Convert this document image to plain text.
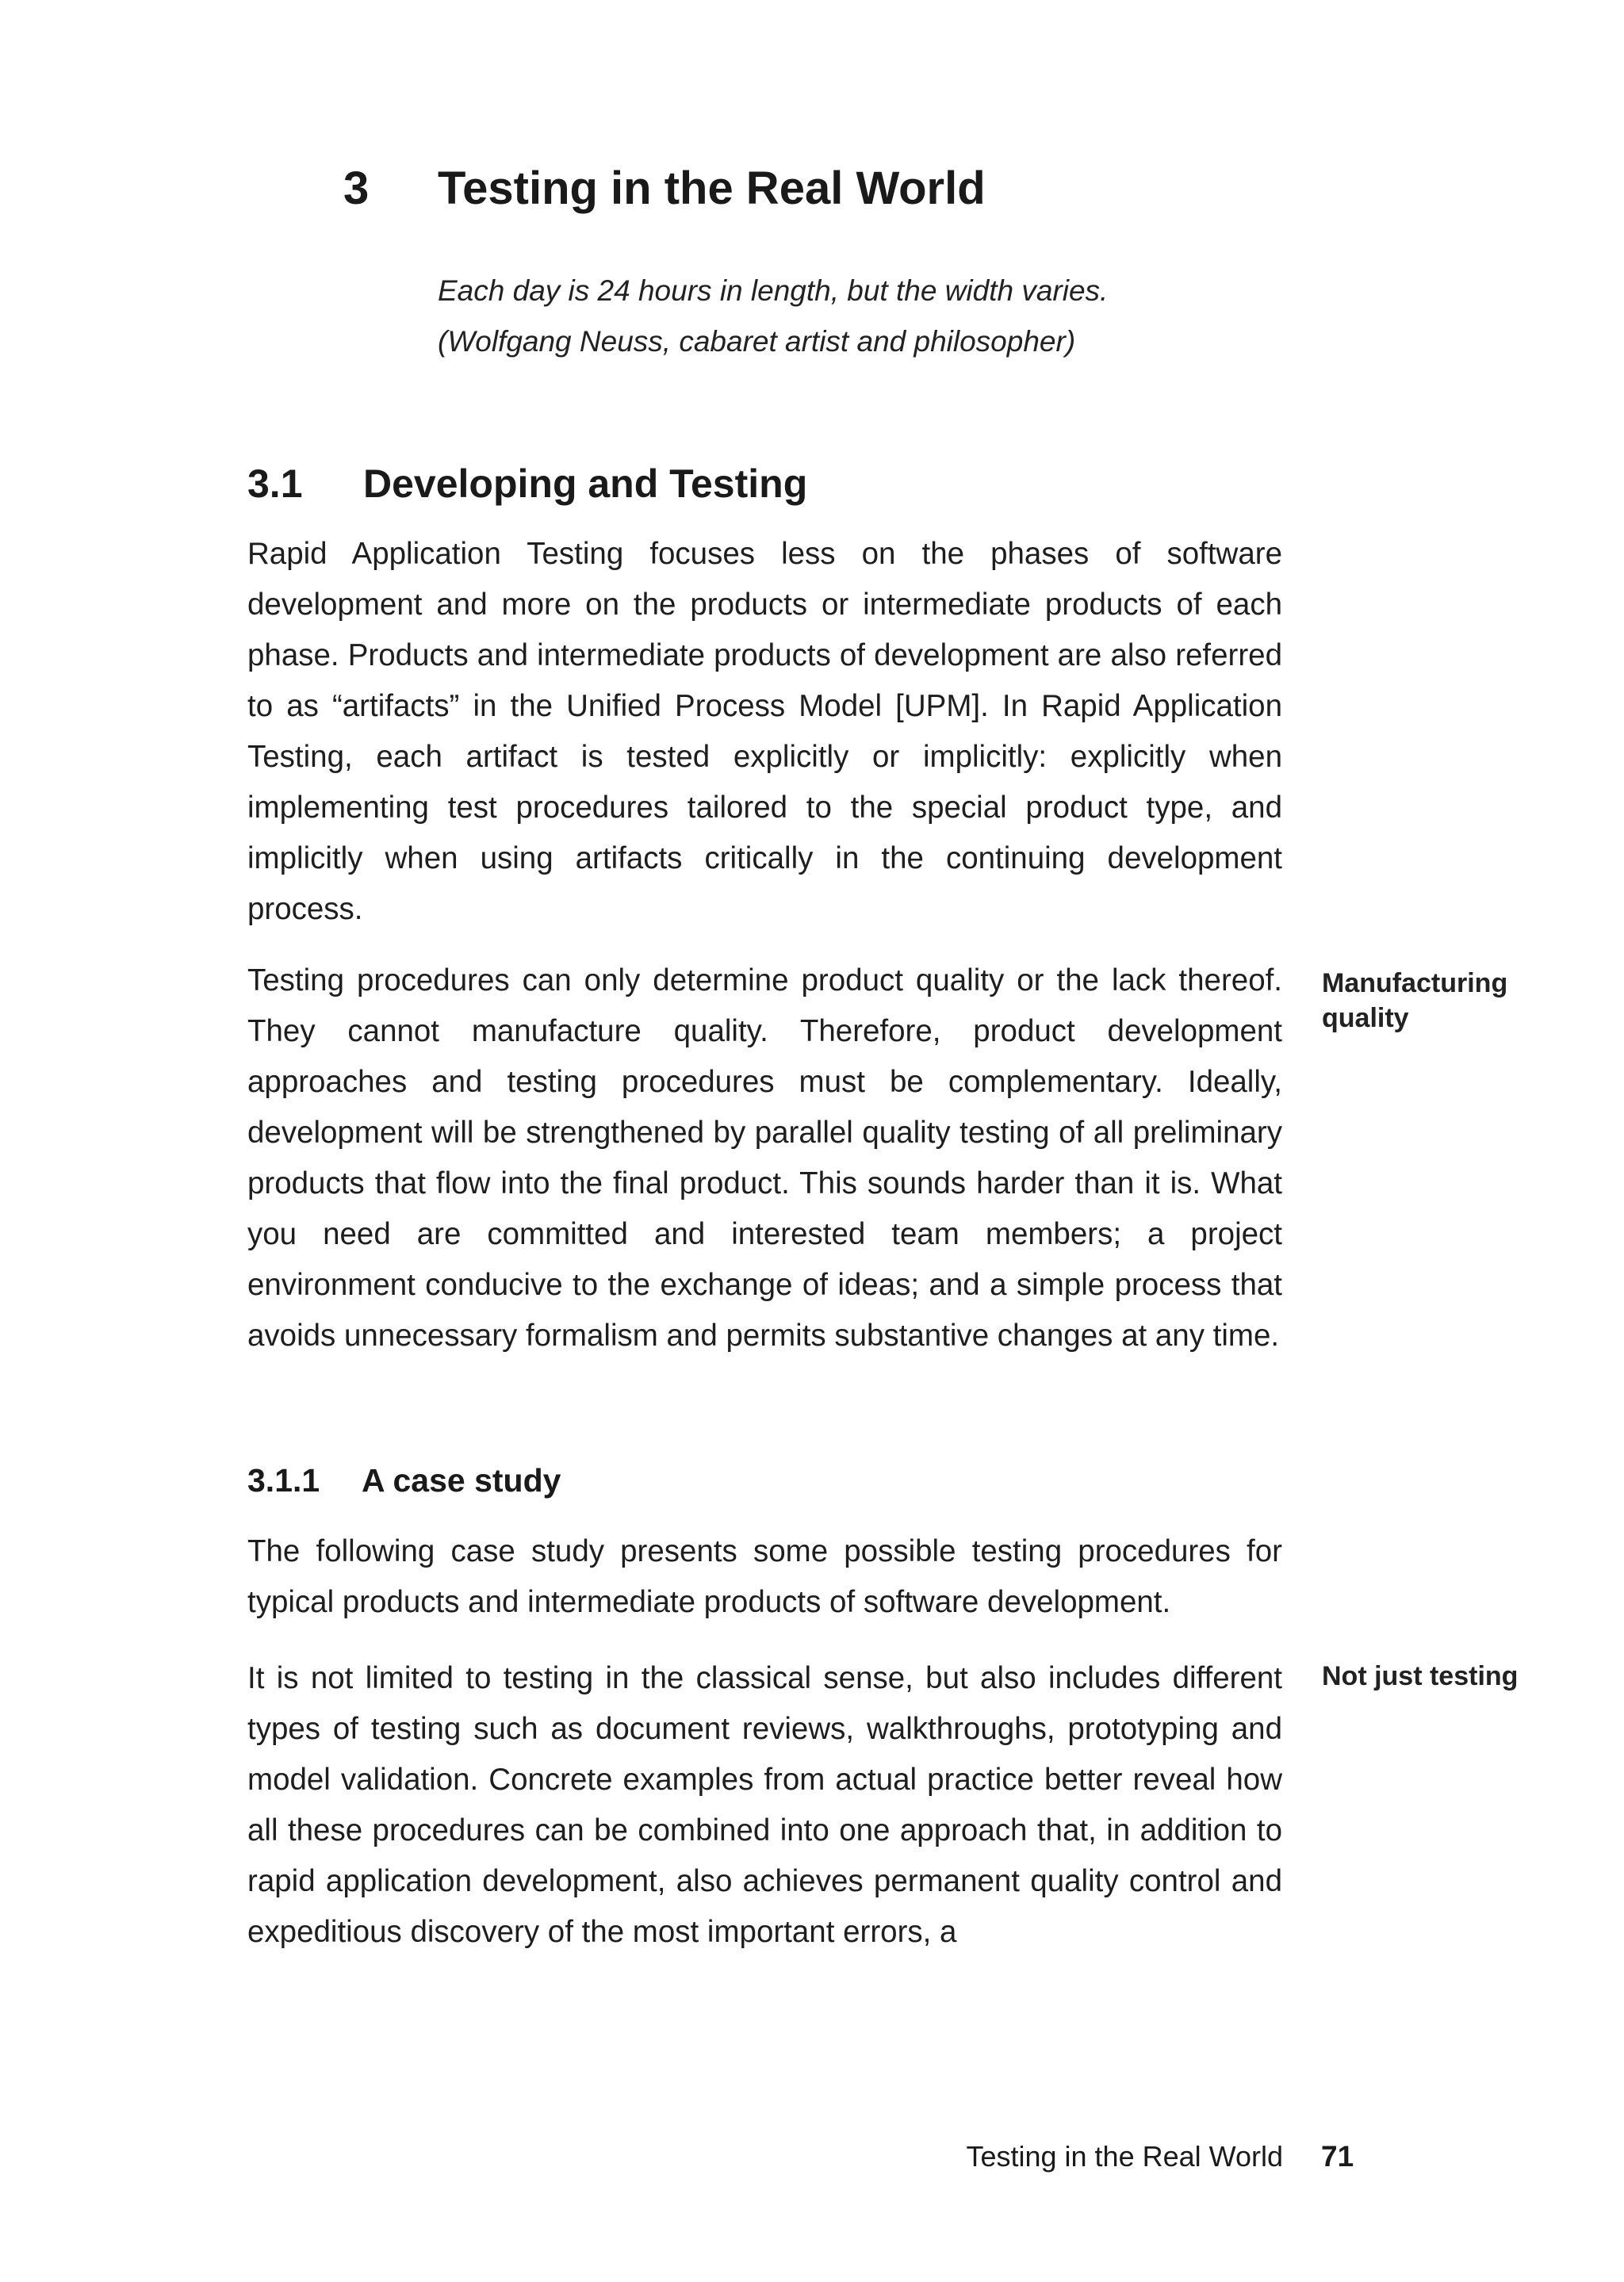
3 Testing in the Real World
Each day is 24 hours in length, but the width varies. (Wolfgang Neuss, cabaret artist and philosopher)
3.1 Developing and Testing
Rapid Application Testing focuses less on the phases of software development and more on the products or intermediate products of each phase. Products and intermediate products of development are also referred to as “artifacts” in the Unified Process Model [UPM]. In Rapid Application Testing, each artifact is tested explicitly or implicitly: explicitly when implementing test procedures tailored to the special product type, and implicitly when using artifacts critically in the continuing development process.
Testing procedures can only determine product quality or the lack thereof. They cannot manufacture quality. Therefore, product development approaches and testing procedures must be complementary. Ideally, development will be strengthened by parallel quality testing of all preliminary products that flow into the final product. This sounds harder than it is. What you need are committed and interested team members; a project environment conducive to the exchange of ideas; and a simple process that avoids unnecessary formalism and permits substantive changes at any time.
Manufacturing quality
3.1.1 A case study
The following case study presents some possible testing procedures for typical products and intermediate products of software development.
It is not limited to testing in the classical sense, but also includes different types of testing such as document reviews, walkthroughs, prototyping and model validation. Concrete examples from actual practice better reveal how all these procedures can be combined into one approach that, in addition to rapid application development, also achieves permanent quality control and expeditious discovery of the most important errors, a
Not just testing
Testing in the Real World 71
